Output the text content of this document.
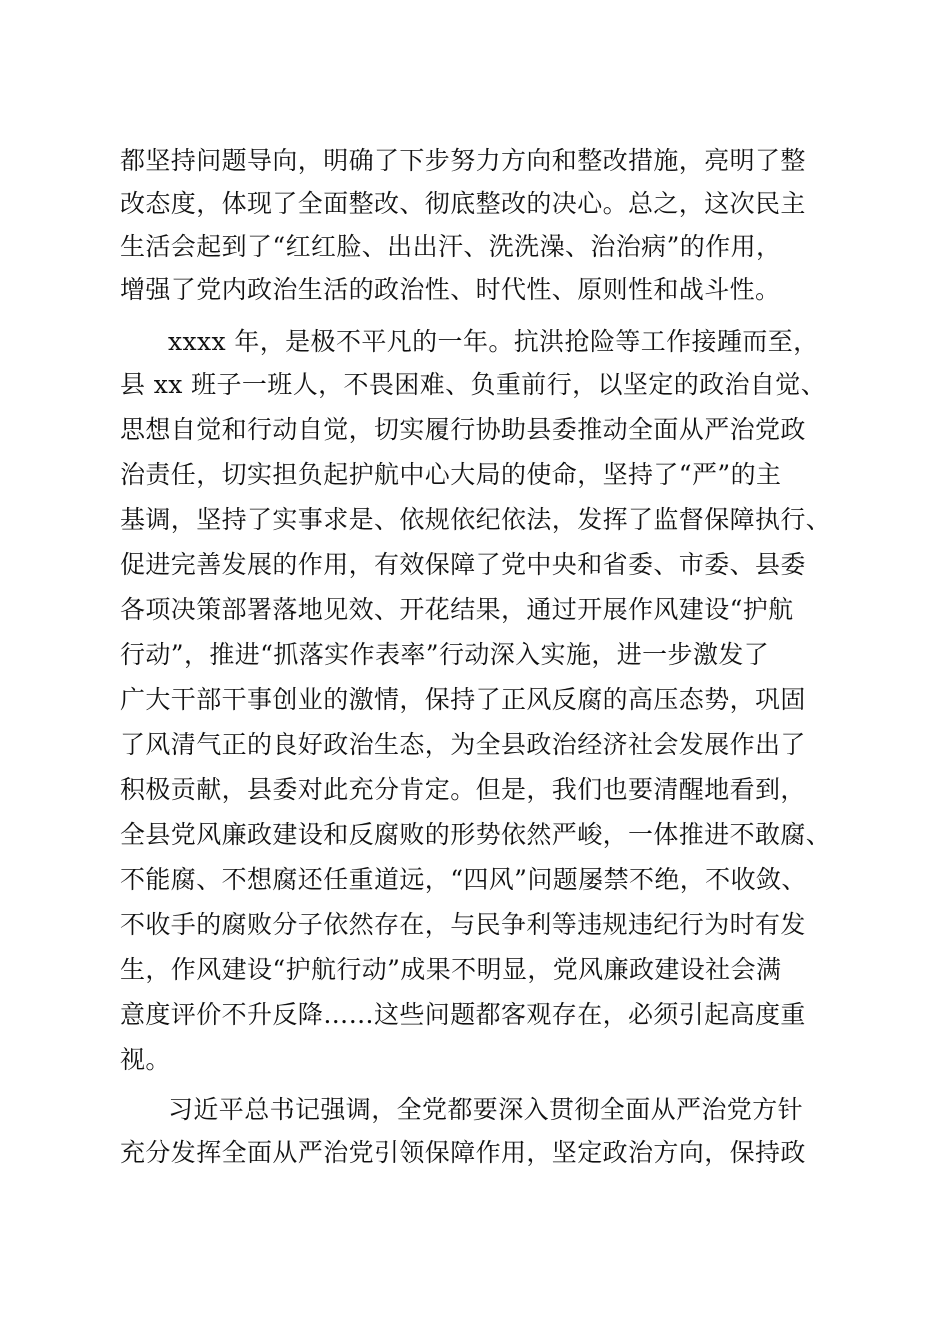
都坚持问题导向，明确了下步努力方向和整改措施，亮明了整
改态度，体现了全面整改、彻底整改的决心。总之，这次民主
生活会起到了“红红脸、出出汗、洗洗澡、治治病”的作用，
增强了党内政治生活的政治性、时代性、原则性和战斗性。
xxxx 年，是极不平凡的一年。抗洪抢险等工作接踵而至，
县 xx 班子一班人，不畏困难、负重前行，以坚定的政治自觉、
思想自觉和行动自觉，切实履行协助县委推动全面从严治党政
治责任，切实担负起护航中心大局的使命，坚持了“严”的主
基调，坚持了实事求是、依规依纪依法，发挥了监督保障执行、
促进完善发展的作用，有效保障了党中央和省委、市委、县委
各项决策部署落地见效、开花结果，通过开展作风建设“护航
行动”，推进“抓落实作表率”行动深入实施，进一步激发了
广大干部干事创业的激情，保持了正风反腐的高压态势，巩固
了风清气正的良好政治生态，为全县政治经济社会发展作出了
积极贡献，县委对此充分肯定。但是，我们也要清醒地看到，
全县党风廉政建设和反腐败的形势依然严峻，一体推进不敢腐、
不能腐、不想腐还任重道远，“四风”问题屡禁不绝，不收敛、
不收手的腐败分子依然存在，与民争利等违规违纪行为时有发
生，作风建设“护航行动”成果不明显，党风廉政建设社会满
意度评价不升反降……这些问题都客观存在，必须引起高度重
视。
习近平总书记强调，全党都要深入贯彻全面从严治党方针
充分发挥全面从严治党引领保障作用，坚定政治方向，保持政
